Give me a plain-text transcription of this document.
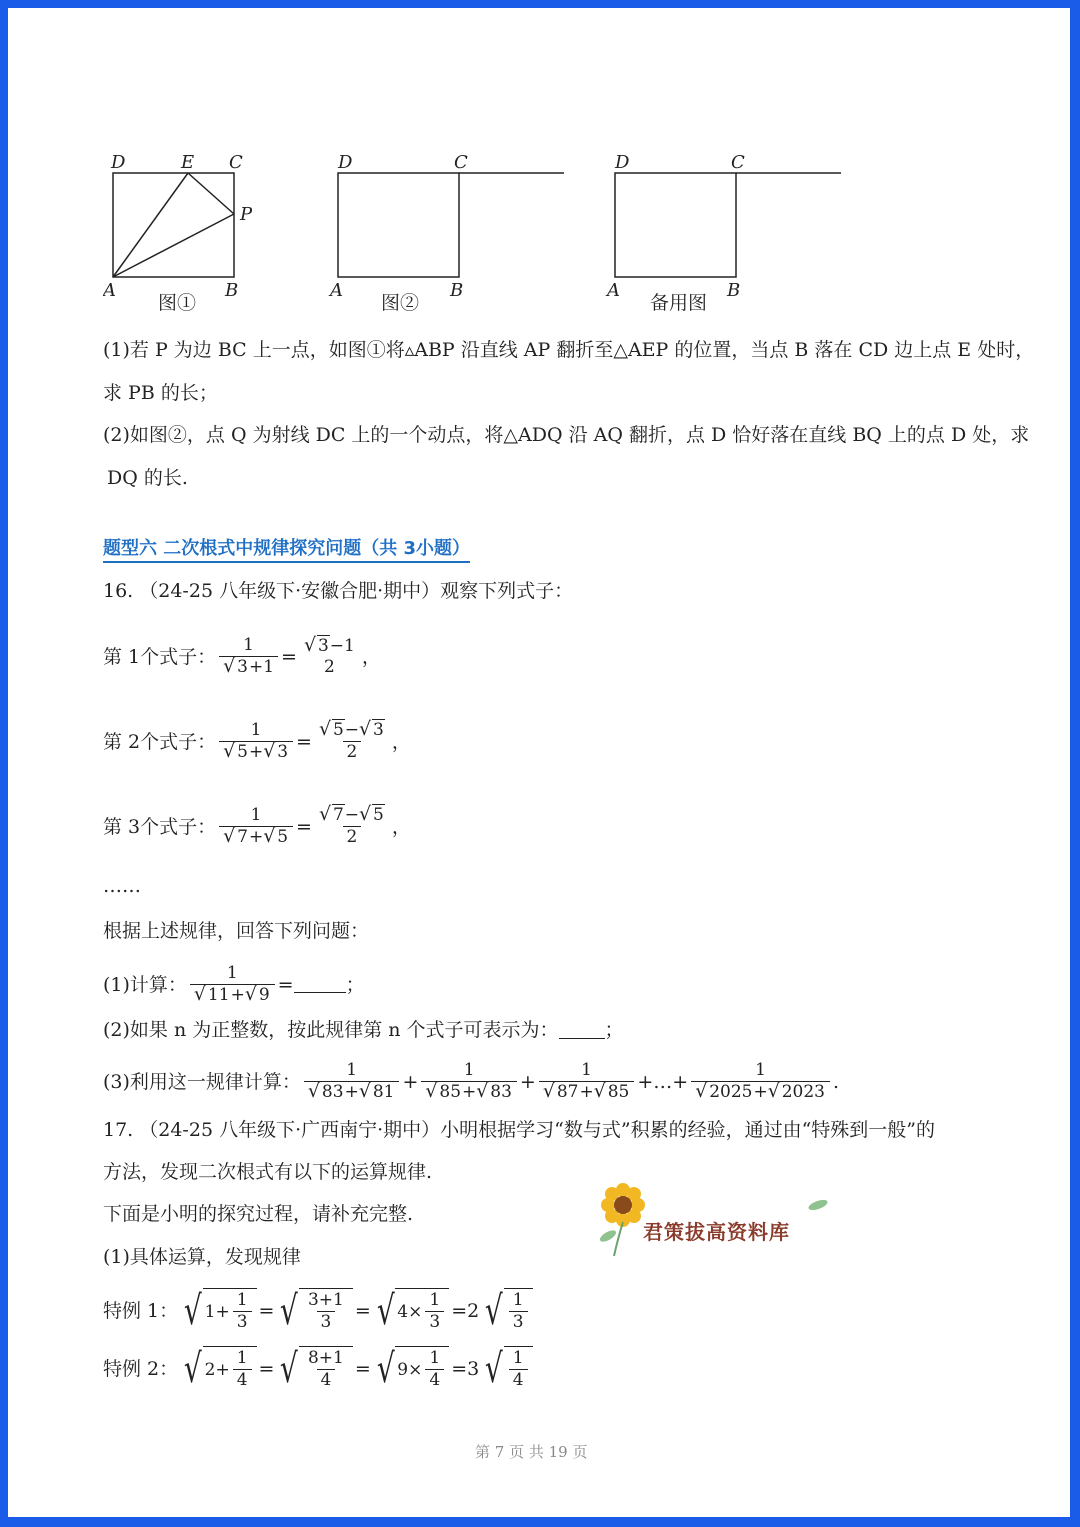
D	E C
P
A	B
图①
D	C
A	B
图②
D	C
A	B
备用图
(1)若 P 为边 BC 上一点，如图①将▵ABP 沿直线 AP 翻折至△AEP 的位置，当点 B 落在 CD 边上点 E 处时，
求 PB 的长；
(2)如图②，点 Q 为射线 DC 上的一个动点，将△ADQ 沿 AQ 翻折，点 D 恰好落在直线 BQ 上的点 D 处，求
DQ 的长.
题型六 二次根式中规律探究问题（共 3小题）
16. （24-25 八年级下·安徽合肥·期中）观察下列式子：
第 1个式子： 1
√ 3+1 =	√ 3−1
2 ，
第 2个式子： 1
√ 5+ √ 3 = √ $\frac{5- √ 3}{2}$ ，
第 3个式子： 1
√ 7+ √ 5 = √ $\frac{7- √ 5}{2}$ ，
……
根据上述规律，回答下列问题：
(1)计算： 1
√ 11+ √ 9 =	；
(2)如果 n 为正整数，按此规律第 n 个式子可表示为： ；
(3)利用这一规律计算： 1
√ 83+ √ 81 + 1
√ 85+ √ 83 + 1
√ 87+ √ 85 +…+ 1
√ 2025+ √ 2023 .
17. （24-25 八年级下·广西南宁·期中）小明根据学习“数与式”积累的经验，通过由“特殊到一般”的
方法，发现二次根式有以下的运算规律.
下面是小明的探究过程，请补充完整.
(1)具体运算，发现规律
君策拔高资料库
特例 1： √ $1 + \frac{1}{3}$ = √ $\frac{3+1}{3}$ = √ $4 \times \frac{1}{3} = 2$ √ $\frac{1}{3}$
特例 2： √ $2 + \frac{1}{4}$ = √ $\frac{8+1}{4}$ = √ $9 \times \frac{1}{4} = 3$ √ $\frac{1}{4}$
第 7 页 共 19 页
